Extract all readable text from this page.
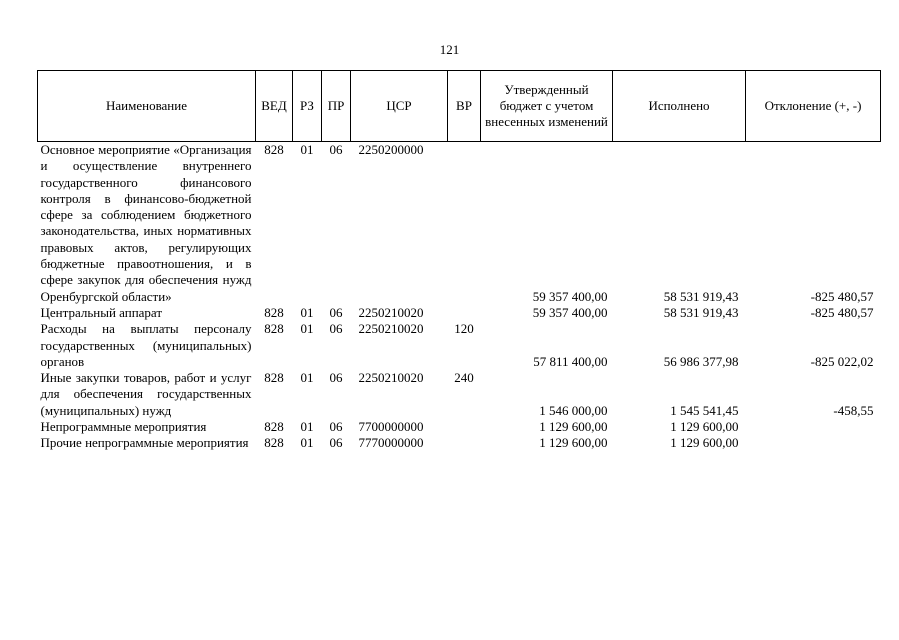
121
Наименование	ВЕД	РЗ	ПР	ЦСР	ВР	Утвержденный бюджет с учетом внесенных изменений	Исполнено	Отклонение (+, -)
Основное мероприятие «Организация и осуществление внутреннего государственного финансового контроля в финансово-бюджетной сфере за соблюдением бюджетного законодательства, иных нормативных правовых актов, регулирующих бюджетные правоотношения, и в сфере закупок для обеспечения нужд Оренбургской области»	828	01	06	2250200000		59 357 400,00	58 531 919,43	-825 480,57
Центральный аппарат	828	01	06	2250210020		59 357 400,00	58 531 919,43	-825 480,57
Расходы на выплаты персоналу государственных (муниципальных) органов	828	01	06	2250210020	120	57 811 400,00	56 986 377,98	-825 022,02
Иные закупки товаров, работ и услуг для обеспечения государственных (муниципальных) нужд	828	01	06	2250210020	240	1 546 000,00	1 545 541,45	-458,55
Непрограммные мероприятия	828	01	06	7700000000		1 129 600,00	1 129 600,00	
Прочие непрограммные мероприятия	828	01	06	7770000000		1 129 600,00	1 129 600,00	
